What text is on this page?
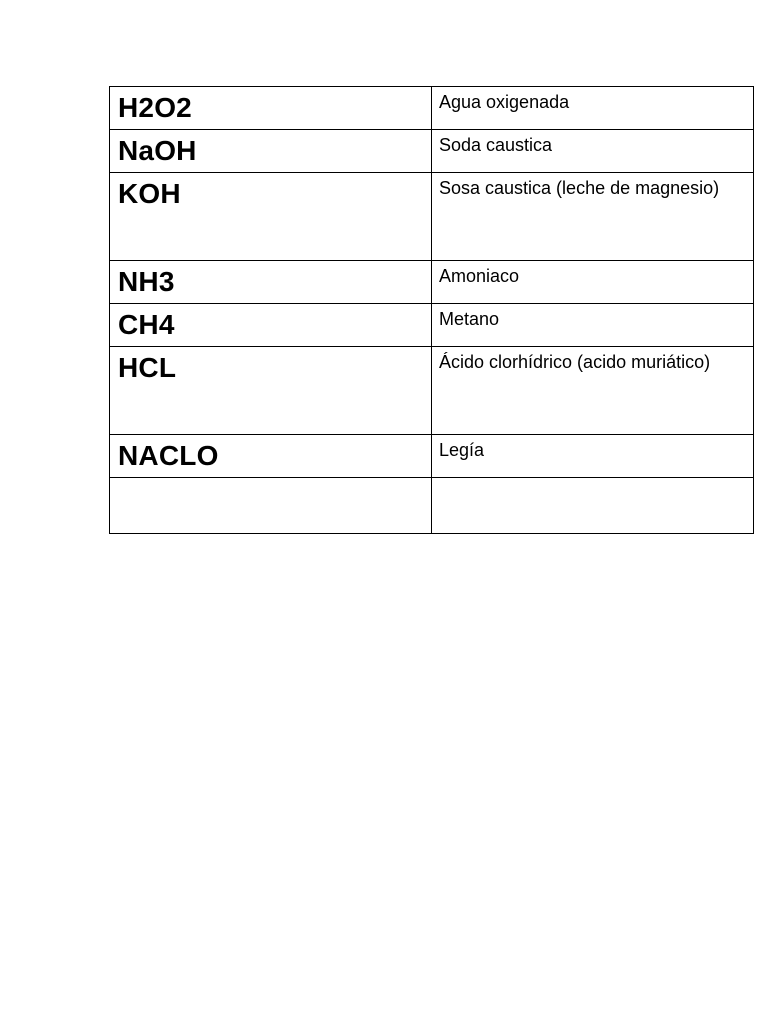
H2O2	Agua oxigenada

NaOH	Soda caustica

KOH	Sosa caustica (leche de magnesio)

NH3	Amoniaco

CH4	Metano

HCL	Ácido clorhídrico (acido muriático)

NACLO	Legía
